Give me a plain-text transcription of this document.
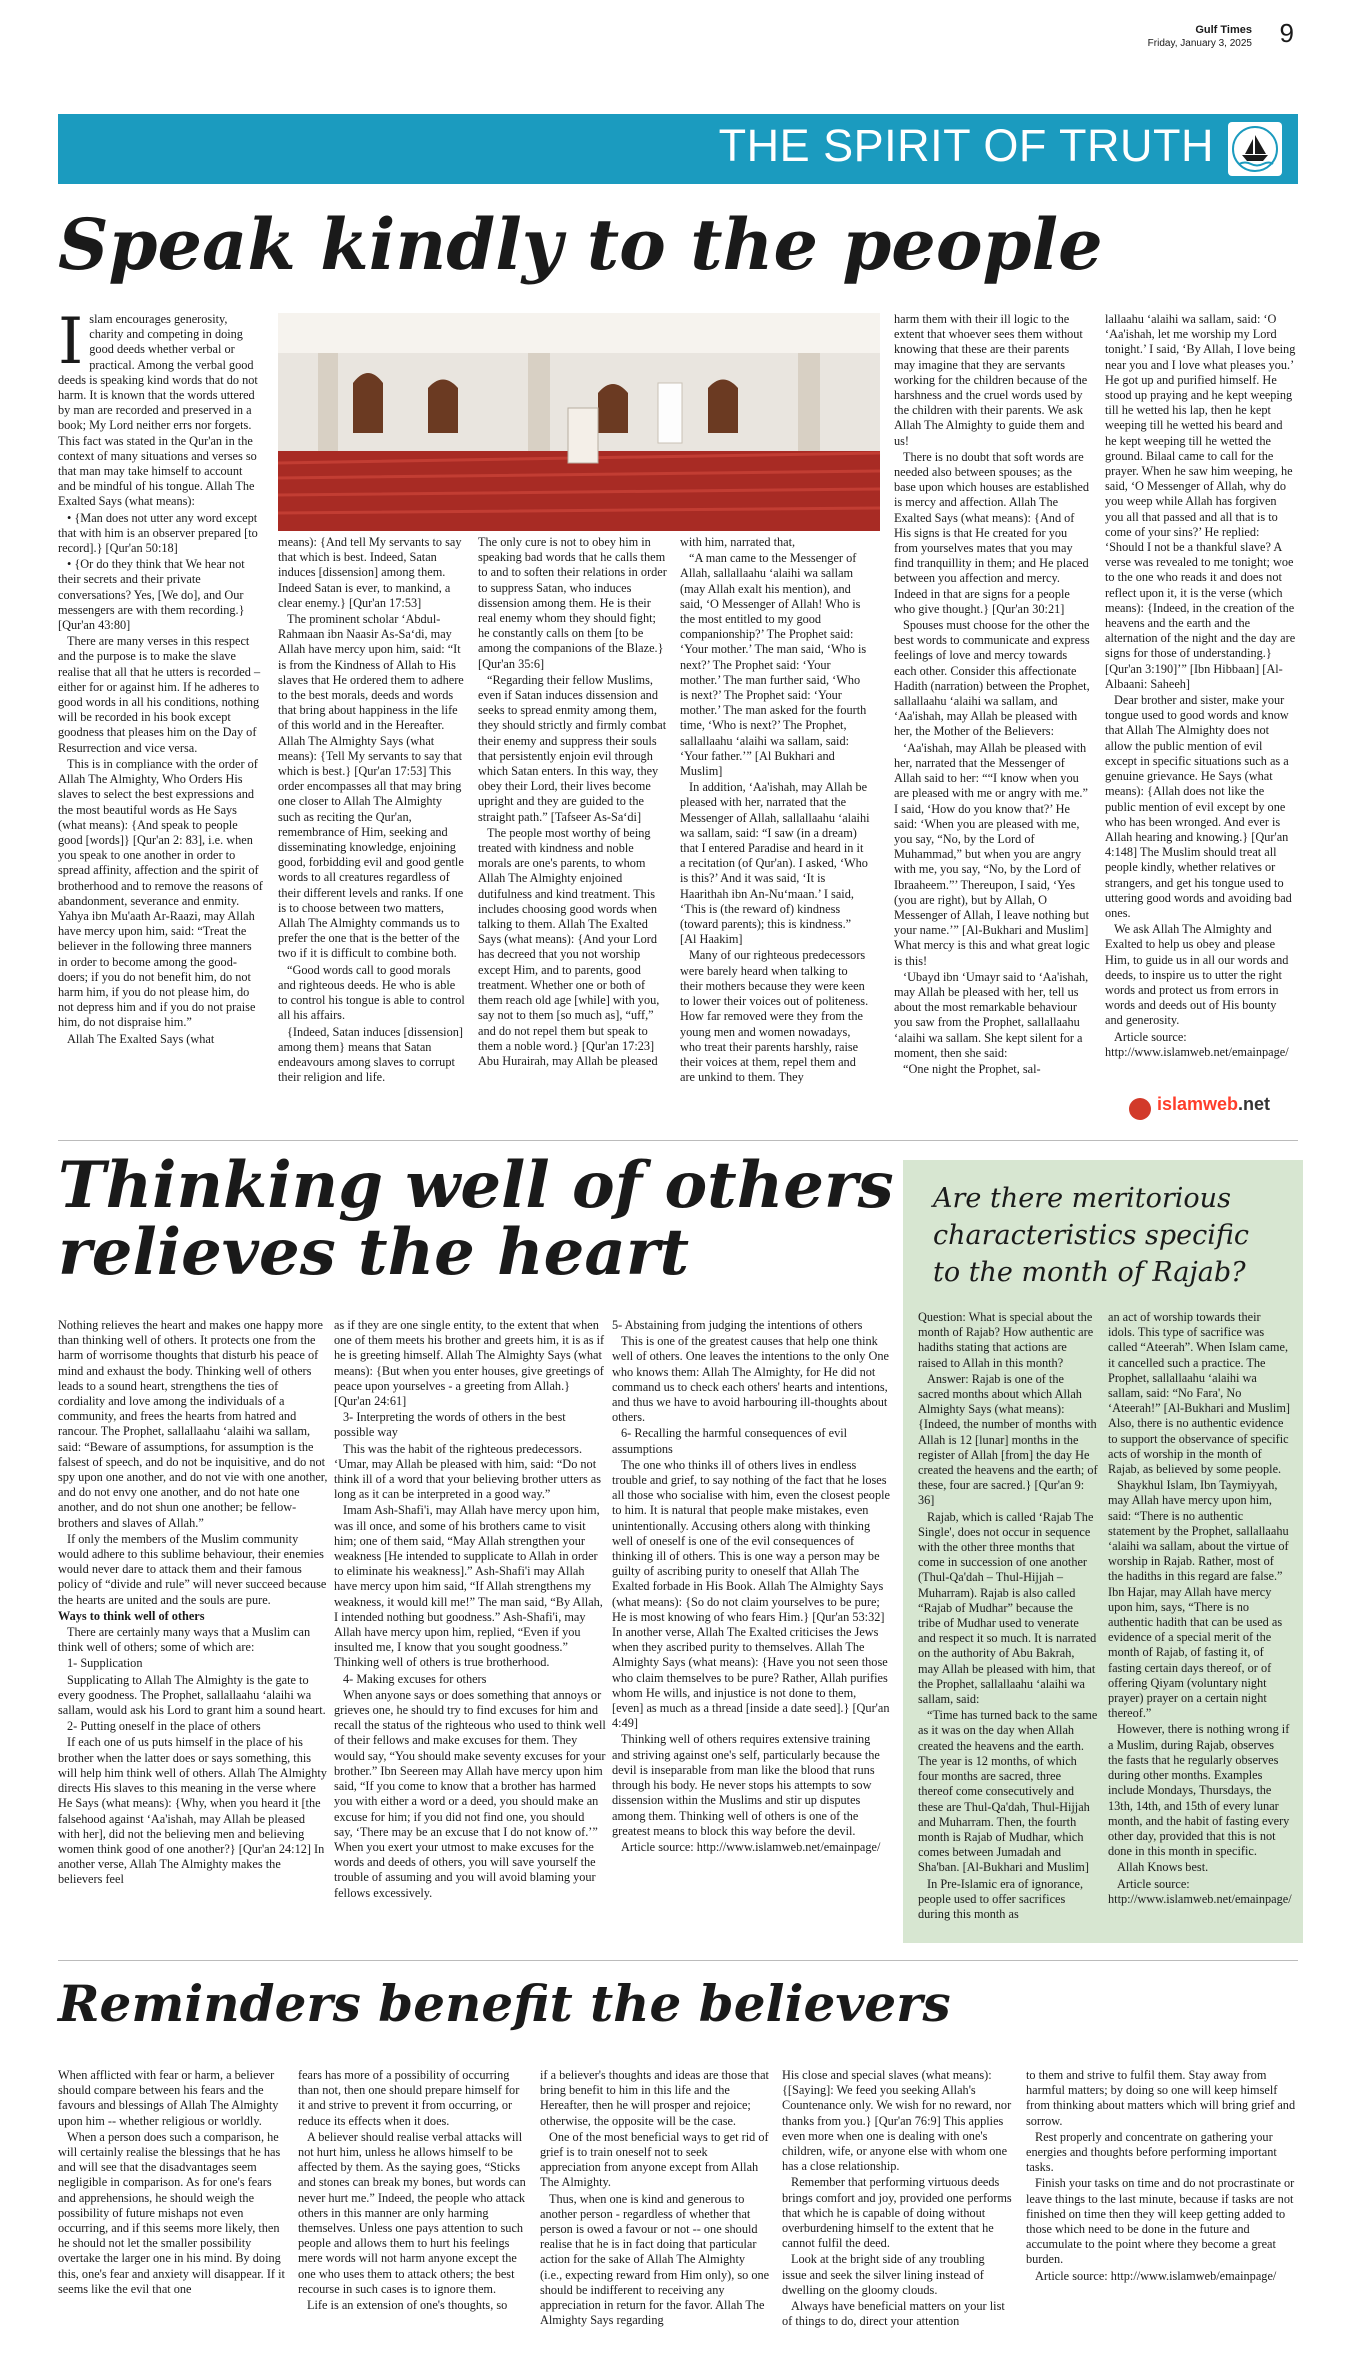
Gulf Times
Friday, January 3, 2025 9
THE SPIRIT OF TRUTH
Speak kindly to the people

Islam encourages generosity, charity and competing in doing good deeds whether verbal or practical. Among the verbal good deeds is speaking kind words that do not harm. It is known that the words uttered by man are recorded and preserved in a book; My Lord neither errs nor forgets. This fact was stated in the Qur'an in the context of many situations and verses so that man may take himself to account and be mindful of his tongue. Allah The Exalted Says (what means):

• {Man does not utter any word except that with him is an observer prepared [to record].} [Qur'an 50:18]

• {Or do they think that We hear not their secrets and their private conversations? Yes, [We do], and Our messengers are with them recording.} [Qur'an 43:80]

There are many verses in this respect and the purpose is to make the slave realise that all that he utters is recorded – either for or against him. If he adheres to good words in all his conditions, nothing will be recorded in his book except goodness that pleases him on the Day of Resurrection and vice versa.

This is in compliance with the order of Allah The Almighty, Who Orders His slaves to select the best expressions and the most beautiful words as He Says (what means): {And speak to people good [words]} [Qur'an 2: 83], i.e. when you speak to one another in order to spread affinity, affection and the spirit of brotherhood and to remove the reasons of abandonment, severance and enmity. Yahya ibn Mu'aath Ar-Raazi, may Allah have mercy upon him, said: “Treat the believer in the following three manners in order to become among the good-doers; if you do not benefit him, do not harm him, if you do not please him, do not depress him and if you do not praise him, do not dispraise him.”

Allah The Exalted Says (what

means): {And tell My servants to say that which is best. Indeed, Satan induces [dissension] among them. Indeed Satan is ever, to mankind, a clear enemy.} [Qur'an 17:53]

The prominent scholar ‘Abdul-Rahmaan ibn Naasir As-Sa‘di, may Allah have mercy upon him, said: “It is from the Kindness of Allah to His slaves that He ordered them to adhere to the best morals, deeds and words that bring about happiness in the life of this world and in the Hereafter. Allah The Almighty Says (what means): {Tell My servants to say that which is best.} [Qur'an 17:53] This order encompasses all that may bring one closer to Allah The Almighty such as reciting the Qur'an, remembrance of Him, seeking and disseminating knowledge, enjoining good, forbidding evil and good gentle words to all creatures regardless of their different levels and ranks. If one is to choose between two matters, Allah The Almighty commands us to prefer the one that is the better of the two if it is difficult to combine both.

“Good words call to good morals and righteous deeds. He who is able to control his tongue is able to control all his affairs.

{Indeed, Satan induces [dissension] among them} means that Satan endeavours among slaves to corrupt their religion and life.

The only cure is not to obey him in speaking bad words that he calls them to and to soften their relations in order to suppress Satan, who induces dissension among them. He is their real enemy whom they should fight; he constantly calls on them [to be among the companions of the Blaze.} [Qur'an 35:6]

“Regarding their fellow Muslims, even if Satan induces dissension and seeks to spread enmity among them, they should strictly and firmly combat their enemy and suppress their souls that persistently enjoin evil through which Satan enters. In this way, they obey their Lord, their lives become upright and they are guided to the straight path.” [Tafseer As-Sa‘di]

The people most worthy of being treated with kindness and noble morals are one's parents, to whom Allah The Almighty enjoined dutifulness and kind treatment. This includes choosing good words when talking to them. Allah The Exalted Says (what means): {And your Lord has decreed that you not worship except Him, and to parents, good treatment. Whether one or both of them reach old age [while] with you, say not to them [so much as], “uff,” and do not repel them but speak to them a noble word.} [Qur'an 17:23] Abu Hurairah, may Allah be pleased

with him, narrated that,

“A man came to the Messenger of Allah, sallallaahu ‘alaihi wa sallam (may Allah exalt his mention), and said, ‘O Messenger of Allah! Who is the most entitled to my good companionship?’ The Prophet said: ‘Your mother.’ The man said, ‘Who is next?’ The Prophet said: ‘Your mother.’ The man further said, ‘Who is next?’ The Prophet said: ‘Your mother.’ The man asked for the fourth time, ‘Who is next?’ The Prophet, sallallaahu ‘alaihi wa sallam, said: ‘Your father.’” [Al Bukhari and Muslim]

In addition, ‘Aa'ishah, may Allah be pleased with her, narrated that the Messenger of Allah, sallallaahu ‘alaihi wa sallam, said: “I saw (in a dream) that I entered Paradise and heard in it a recitation (of Qur'an). I asked, ‘Who is this?’ And it was said, ‘It is Haarithah ibn An-Nu‘maan.’ I said, ‘This is (the reward of) kindness (toward parents); this is kindness.” [Al Haakim]

Many of our righteous predecessors were barely heard when talking to their mothers because they were keen to lower their voices out of politeness. How far removed were they from the young men and women nowadays, who treat their parents harshly, raise their voices at them, repel them and are unkind to them. They

harm them with their ill logic to the extent that whoever sees them without knowing that these are their parents may imagine that they are servants working for the children because of the harshness and the cruel words used by the children with their parents. We ask Allah The Almighty to guide them and us!

There is no doubt that soft words are needed also between spouses; as the base upon which houses are established is mercy and affection. Allah The Exalted Says (what means): {And of His signs is that He created for you from yourselves mates that you may find tranquillity in them; and He placed between you affection and mercy. Indeed in that are signs for a people who give thought.} [Qur'an 30:21]

Spouses must choose for the other the best words to communicate and express feelings of love and mercy towards each other. Consider this affectionate Hadith (narration) between the Prophet, sallallaahu ‘alaihi wa sallam, and ‘Aa'ishah, may Allah be pleased with her, the Mother of the Believers:

‘Aa'ishah, may Allah be pleased with her, narrated that the Messenger of Allah said to her: ““I know when you are pleased with me or angry with me.” I said, ‘How do you know that?’ He said: ‘When you are pleased with me, you say, “No, by the Lord of Muhammad,” but when you are angry with me, you say, “No, by the Lord of Ibraaheem.”’ Thereupon, I said, ‘Yes (you are right), but by Allah, O Messenger of Allah, I leave nothing but your name.’” [Al-Bukhari and Muslim] What mercy is this and what great logic is this!

‘Ubayd ibn ‘Umayr said to ‘Aa'ishah, may Allah be pleased with her, tell us about the most remarkable behaviour you saw from the Prophet, sallallaahu ‘alaihi wa sallam. She kept silent for a moment, then she said:

“One night the Prophet, sal-

lallaahu ‘alaihi wa sallam, said: ‘O ‘Aa'ishah, let me worship my Lord tonight.’ I said, ‘By Allah, I love being near you and I love what pleases you.’ He got up and purified himself. He stood up praying and he kept weeping till he wetted his lap, then he kept weeping till he wetted his beard and he kept weeping till he wetted the ground. Bilaal came to call for the prayer. When he saw him weeping, he said, ‘O Messenger of Allah, why do you weep while Allah has forgiven you all that passed and all that is to come of your sins?’ He replied: ‘Should I not be a thankful slave? A verse was revealed to me tonight; woe to the one who reads it and does not reflect upon it, it is the verse (which means): {Indeed, in the creation of the heavens and the earth and the alternation of the night and the day are signs for those of understanding.}[Qur'an 3:190]’” [Ibn Hibbaan] [Al-Albaani: Saheeh]

Dear brother and sister, make your tongue used to good words and know that Allah The Almighty does not allow the public mention of evil except in specific situations such as a genuine grievance. He Says (what means): {Allah does not like the public mention of evil except by one who has been wronged. And ever is Allah hearing and knowing.} [Qur'an 4:148] The Muslim should treat all people kindly, whether relatives or strangers, and get his tongue used to uttering good words and avoiding bad ones.

We ask Allah The Almighty and Exalted to help us obey and please Him, to guide us in all our words and deeds, to inspire us to utter the right words and protect us from errors in words and deeds out of His bounty and generosity.

Article source: http://www.islamweb.net/emainpage/

islamweb.net
Thinking well of others
relieves the heart

Nothing relieves the heart and makes one happy more than thinking well of others. It protects one from the harm of worrisome thoughts that disturb his peace of mind and exhaust the body. Thinking well of others leads to a sound heart, strengthens the ties of cordiality and love among the individuals of a community, and frees the hearts from hatred and rancour. The Prophet, sallallaahu ‘alaihi wa sallam, said: “Beware of assumptions, for assumption is the falsest of speech, and do not be inquisitive, and do not spy upon one another, and do not vie with one another, and do not envy one another, and do not hate one another, and do not shun one another; be fellow-brothers and slaves of Allah.”

If only the members of the Muslim community would adhere to this sublime behaviour, their enemies would never dare to attack them and their famous policy of “divide and rule” will never succeed because the hearts are united and the souls are pure.

Ways to think well of others

There are certainly many ways that a Muslim can think well of others; some of which are:

1- Supplication

Supplicating to Allah The Almighty is the gate to every goodness. The Prophet, sallallaahu ‘alaihi wa sallam, would ask his Lord to grant him a sound heart.

2- Putting oneself in the place of others

If each one of us puts himself in the place of his brother when the latter does or says something, this will help him think well of others. Allah The Almighty directs His slaves to this meaning in the verse where He Says (what means): {Why, when you heard it [the falsehood against ‘Aa'ishah, may Allah be pleased with her], did not the believing men and believing women think good of one another?} [Qur'an 24:12] In another verse, Allah The Almighty makes the believers feel

as if they are one single entity, to the extent that when one of them meets his brother and greets him, it is as if he is greeting himself. Allah The Almighty Says (what means): {But when you enter houses, give greetings of peace upon yourselves - a greeting from Allah.} [Qur'an 24:61]

3- Interpreting the words of others in the best possible way

This was the habit of the righteous predecessors. ‘Umar, may Allah be pleased with him, said: “Do not think ill of a word that your believing brother utters as long as it can be interpreted in a good way.”

Imam Ash-Shafi'i, may Allah have mercy upon him, was ill once, and some of his brothers came to visit him; one of them said, “May Allah strengthen your weakness [He intended to supplicate to Allah in order to eliminate his weakness].” Ash-Shafi'i may Allah have mercy upon him said, “If Allah strengthens my weakness, it would kill me!” The man said, “By Allah, I intended nothing but goodness.” Ash-Shafi'i, may Allah have mercy upon him, replied, “Even if you insulted me, I know that you sought goodness.” Thinking well of others is true brotherhood.

4- Making excuses for others

When anyone says or does something that annoys or grieves one, he should try to find excuses for him and recall the status of the righteous who used to think well of their fellows and make excuses for them. They would say, “You should make seventy excuses for your brother.” Ibn Seereen may Allah have mercy upon him said, “If you come to know that a brother has harmed you with either a word or a deed, you should make an excuse for him; if you did not find one, you should say, ‘There may be an excuse that I do not know of.’” When you exert your utmost to make excuses for the words and deeds of others, you will save yourself the trouble of assuming and you will avoid blaming your fellows excessively.

5- Abstaining from judging the intentions of others

This is one of the greatest causes that help one think well of others. One leaves the intentions to the only One who knows them: Allah The Almighty, for He did not command us to check each others' hearts and intentions, and thus we have to avoid harbouring ill-thoughts about others.

6- Recalling the harmful consequences of evil assumptions

The one who thinks ill of others lives in endless trouble and grief, to say nothing of the fact that he loses all those who socialise with him, even the closest people to him. It is natural that people make mistakes, even unintentionally. Accusing others along with thinking well of oneself is one of the evil consequences of thinking ill of others. This is one way a person may be guilty of ascribing purity to oneself that Allah The Exalted forbade in His Book. Allah The Almighty Says (what means): {So do not claim yourselves to be pure; He is most knowing of who fears Him.} [Qur'an 53:32] In another verse, Allah The Exalted criticises the Jews when they ascribed purity to themselves. Allah The Almighty Says (what means): {Have you not seen those who claim themselves to be pure? Rather, Allah purifies whom He wills, and injustice is not done to them, [even] as much as a thread [inside a date seed].} [Qur'an 4:49]

Thinking well of others requires extensive training and striving against one's self, particularly because the devil is inseparable from man like the blood that runs through his body. He never stops his attempts to sow dissension within the Muslims and stir up disputes among them. Thinking well of others is one of the greatest means to block this way before the devil.

Article source: http://www.islamweb.net/emainpage/

Are there meritorious characteristics specific to the month of Rajab?

Question: What is special about the month of Rajab? How authentic are hadiths stating that actions are raised to Allah in this month?

Answer: Rajab is one of the sacred months about which Allah Almighty Says (what means): {Indeed, the number of months with Allah is 12 [lunar] months in the register of Allah [from] the day He created the heavens and the earth; of these, four are sacred.} [Qur'an 9: 36]

Rajab, which is called ‘Rajab The Single', does not occur in sequence with the other three months that come in succession of one another (Thul-Qa'dah – Thul-Hijjah – Muharram). Rajab is also called “Rajab of Mudhar” because the tribe of Mudhar used to venerate and respect it so much. It is narrated on the authority of Abu Bakrah, may Allah be pleased with him, that the Prophet, sallallaahu ‘alaihi wa sallam, said:

“Time has turned back to the same as it was on the day when Allah created the heavens and the earth. The year is 12 months, of which four months are sacred, three thereof come consecutively and these are Thul-Qa'dah, Thul-Hijjah and Muharram. Then, the fourth month is Rajab of Mudhar, which comes between Jumadah and Sha'ban. [Al-Bukhari and Muslim]

In Pre-Islamic era of ignorance, people used to offer sacrifices during this month as

an act of worship towards their idols. This type of sacrifice was called “Ateerah”. When Islam came, it cancelled such a practice. The Prophet, sallallaahu ‘alaihi wa sallam, said: “No Fara', No ‘Ateerah!” [Al-Bukhari and Muslim] Also, there is no authentic evidence to support the observance of specific acts of worship in the month of Rajab, as believed by some people.

Shaykhul Islam, Ibn Taymiyyah, may Allah have mercy upon him, said: “There is no authentic statement by the Prophet, sallallaahu ‘alaihi wa sallam, about the virtue of worship in Rajab. Rather, most of the hadiths in this regard are false.” Ibn Hajar, may Allah have mercy upon him, says, “There is no authentic hadith that can be used as evidence of a special merit of the month of Rajab, of fasting it, of fasting certain days thereof, or of offering Qiyam (voluntary night prayer) prayer on a certain night thereof.”

However, there is nothing wrong if a Muslim, during Rajab, observes the fasts that he regularly observes during other months. Examples include Mondays, Thursdays, the 13th, 14th, and 15th of every lunar month, and the habit of fasting every other day, provided that this is not done in this month in specific.

Allah Knows best.

Article source: http://www.islamweb.net/emainpage/

Reminders benefit the believers

When afflicted with fear or harm, a believer should compare between his fears and the favours and blessings of Allah The Almighty upon him -- whether religious or worldly.

When a person does such a comparison, he will certainly realise the blessings that he has and will see that the disadvantages seem negligible in comparison. As for one's fears and apprehensions, he should weigh the possibility of future mishaps not even occurring, and if this seems more likely, then he should not let the smaller possibility overtake the larger one in his mind. By doing this, one's fear and anxiety will disappear. If it seems like the evil that one

fears has more of a possibility of occurring than not, then one should prepare himself for it and strive to prevent it from occurring, or reduce its effects when it does.

A believer should realise verbal attacks will not hurt him, unless he allows himself to be affected by them. As the saying goes, “Sticks and stones can break my bones, but words can never hurt me.” Indeed, the people who attack others in this manner are only harming themselves. Unless one pays attention to such people and allows them to hurt his feelings mere words will not harm anyone except the one who uses them to attack others; the best recourse in such cases is to ignore them.

Life is an extension of one's thoughts, so

if a believer's thoughts and ideas are those that bring benefit to him in this life and the Hereafter, then he will prosper and rejoice; otherwise, the opposite will be the case.

One of the most beneficial ways to get rid of grief is to train oneself not to seek appreciation from anyone except from Allah The Almighty.

Thus, when one is kind and generous to another person - regardless of whether that person is owed a favour or not -- one should realise that he is in fact doing that particular action for the sake of Allah The Almighty (i.e., expecting reward from Him only), so one should be indifferent to receiving any appreciation in return for the favor. Allah The Almighty Says regarding

His close and special slaves (what means): {[Saying]: We feed you seeking Allah's Countenance only. We wish for no reward, nor thanks from you.} [Qur'an 76:9] This applies even more when one is dealing with one's children, wife, or anyone else with whom one has a close relationship.

Remember that performing virtuous deeds brings comfort and joy, provided one performs that which he is capable of doing without overburdening himself to the extent that he cannot fulfil the deed.

Look at the bright side of any troubling issue and seek the silver lining instead of dwelling on the gloomy clouds.

Always have beneficial matters on your list of things to do, direct your attention

to them and strive to fulfil them. Stay away from harmful matters; by doing so one will keep himself from thinking about matters which will bring grief and sorrow.

Rest properly and concentrate on gathering your energies and thoughts before performing important tasks.

Finish your tasks on time and do not procrastinate or leave things to the last minute, because if tasks are not finished on time then they will keep getting added to those which need to be done in the future and accumulate to the point where they become a great burden.

Article source: http://www.islamweb/emainpage/
